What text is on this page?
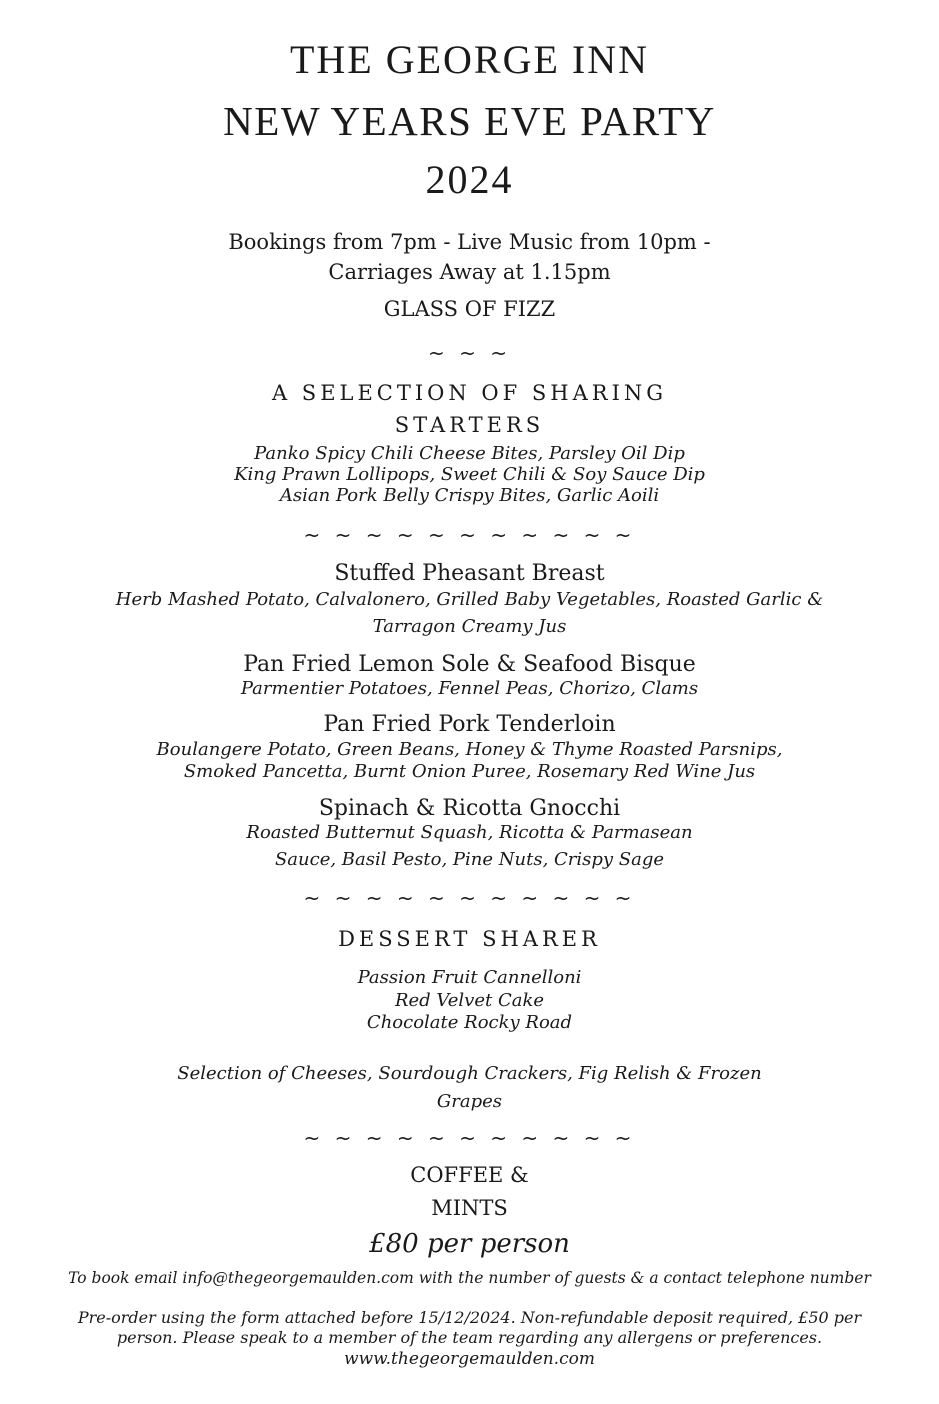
THE GEORGE INN
NEW YEARS EVE PARTY
2024
Bookings from 7pm - Live Music from 10pm -
Carriages Away at 1.15pm
GLASS OF FIZZ
~ ~ ~
A SELECTION OF SHARING
STARTERS
Panko Spicy Chili Cheese Bites, Parsley Oil Dip
King Prawn Lollipops, Sweet Chili & Soy Sauce Dip
Asian Pork Belly Crispy Bites, Garlic Aoili
~ ~ ~ ~ ~ ~ ~ ~ ~ ~ ~
Stuffed Pheasant Breast
Herb Mashed Potato, Calvalonero, Grilled Baby Vegetables, Roasted Garlic &
Tarragon Creamy Jus
Pan Fried Lemon Sole & Seafood Bisque
Parmentier Potatoes, Fennel Peas, Chorizo, Clams
Pan Fried Pork Tenderloin
Boulangere Potato, Green Beans, Honey & Thyme Roasted Parsnips,
Smoked Pancetta, Burnt Onion Puree, Rosemary Red Wine Jus
Spinach & Ricotta Gnocchi
Roasted Butternut Squash, Ricotta & Parmasean
Sauce, Basil Pesto, Pine Nuts, Crispy Sage
~ ~ ~ ~ ~ ~ ~ ~ ~ ~ ~
DESSERT SHARER
Passion Fruit Cannelloni
Red Velvet Cake
Chocolate Rocky Road
Selection of Cheeses, Sourdough Crackers, Fig Relish & Frozen
Grapes
~ ~ ~ ~ ~ ~ ~ ~ ~ ~ ~
COFFEE &
MINTS
£80 per person
To book email info@thegeorgemaulden.com with the number of guests & a contact telephone number
Pre-order using the form attached before 15/12/2024. Non-refundable deposit required, £50 per
person. Please speak to a member of the team regarding any allergens or preferences.
www.thegeorgemaulden.com
